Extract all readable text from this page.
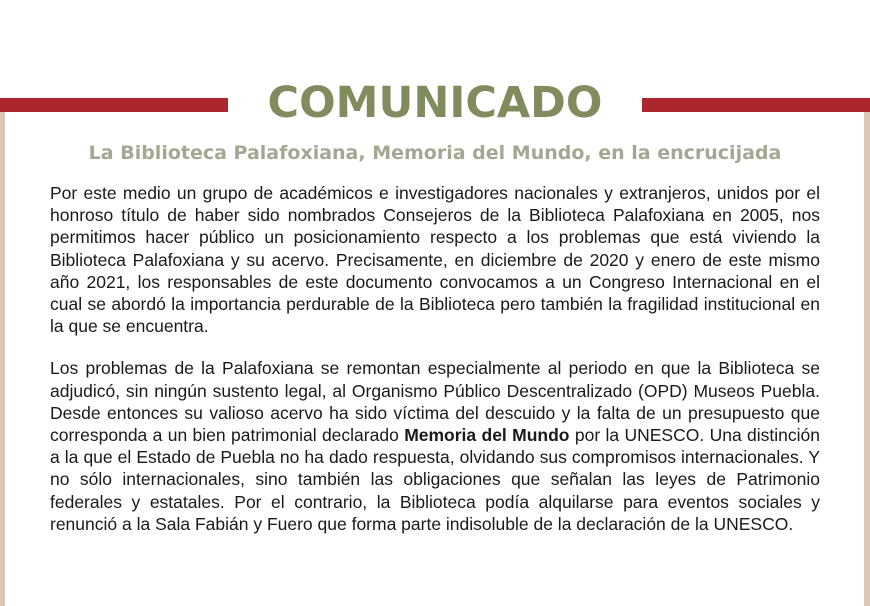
COMUNICADO
La Biblioteca Palafoxiana, Memoria del Mundo, en la encrucijada

Por este medio un grupo de académicos e investigadores nacionales y extranjeros, unidos por el honroso título de haber sido nombrados Consejeros de la Biblioteca Palafoxiana en 2005, nos permitimos hacer público un posicionamiento respecto a los problemas que está viviendo la Biblioteca Palafoxiana y su acervo. Precisamente, en diciembre de 2020 y enero de este mismo año 2021, los responsables de este documento convocamos a un Congreso Internacional en el cual se abordó la importancia perdurable de la Biblioteca pero también la fragilidad institucional en la que se encuentra.

Los problemas de la Palafoxiana se remontan especialmente al periodo en que la Biblioteca se adjudicó, sin ningún sustento legal, al Organismo Público Descentralizado (OPD) Museos Puebla. Desde entonces su valioso acervo ha sido víctima del descuido y la falta de un presupuesto que corresponda a un bien patrimonial declarado Memoria del Mundo por la UNESCO. Una distinción a la que el Estado de Puebla no ha dado respuesta, olvidando sus compromisos internacionales. Y no sólo internacionales, sino también las obligaciones que señalan las leyes de Patrimonio federales y estatales. Por el contrario, la Biblioteca podía alquilarse para eventos sociales y renunció a la Sala Fabián y Fuero que forma parte indisoluble de la declaración de la UNESCO.
